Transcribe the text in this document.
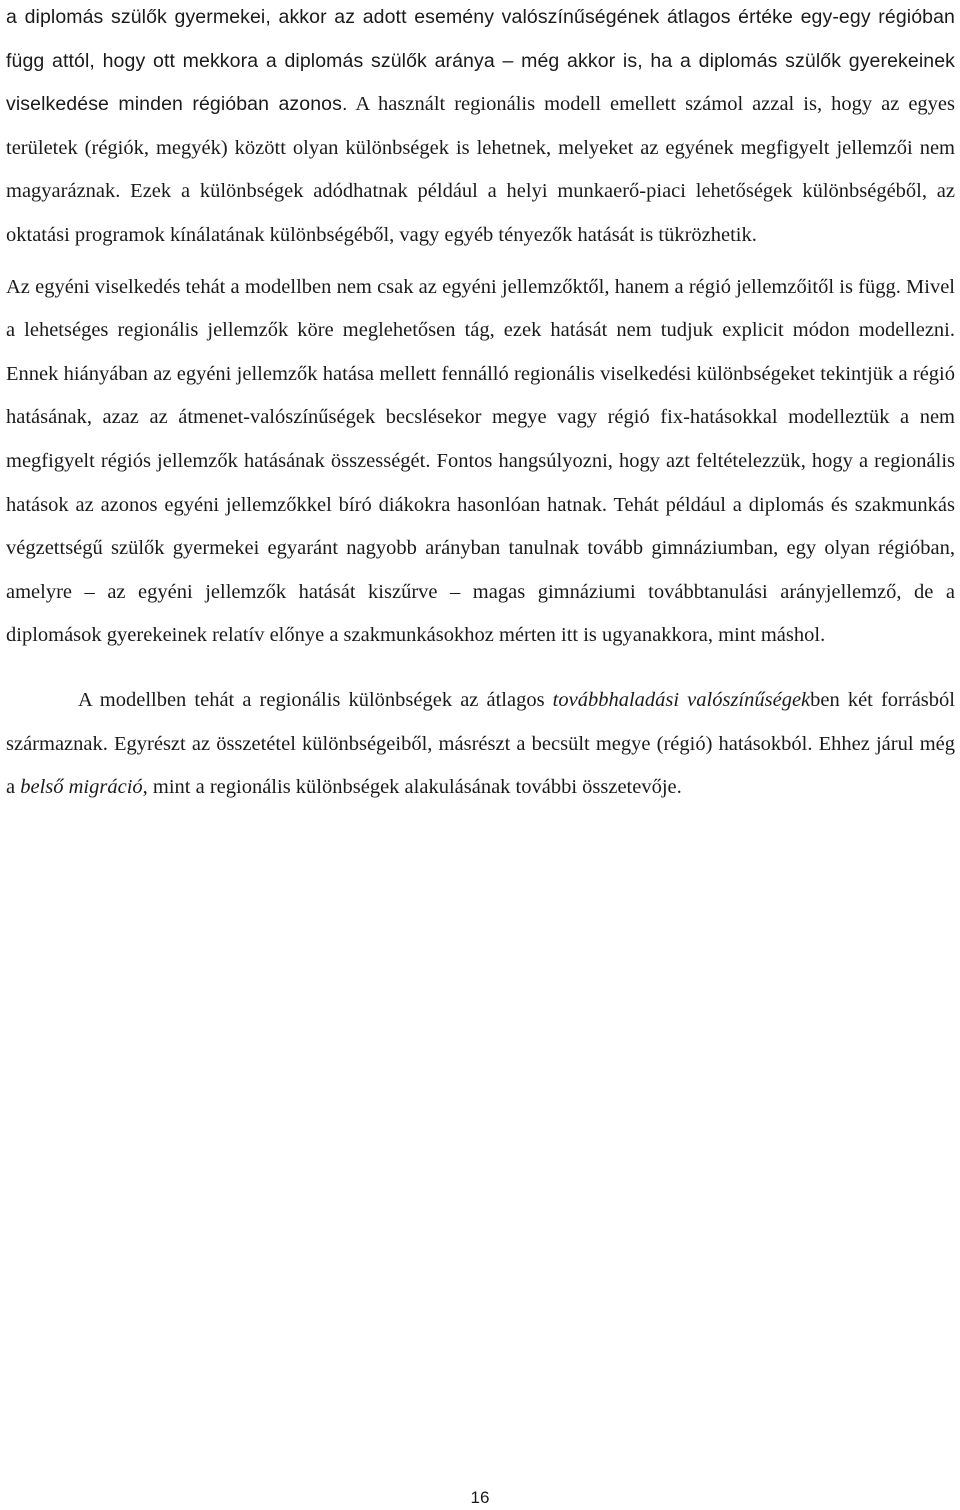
a diplomás szülők gyermekei, akkor az adott esemény valószínűségének átlagos értéke egy-egy régióban függ attól, hogy ott mekkora a diplomás szülők aránya – még akkor is, ha a diplomás szülők gyerekeinek viselkedése minden régióban azonos. A használt regionális modell emellett számol azzal is, hogy az egyes területek (régiók, megyék) között olyan különbségek is lehetnek, melyeket az egyének megfigyelt jellemzői nem magyaráznak. Ezek a különbségek adódhatnak például a helyi munkaerő-piaci lehetőségek különbségéből, az oktatási programok kínálatának különbségéből, vagy egyéb tényezők hatását is tükrözhetik.

Az egyéni viselkedés tehát a modellben nem csak az egyéni jellemzőktől, hanem a régió jellemzőitől is függ. Mivel a lehetséges regionális jellemzők köre meglehetősen tág, ezek hatását nem tudjuk explicit módon modellezni. Ennek hiányában az egyéni jellemzők hatása mellett fennálló regionális viselkedési különbségeket tekintjük a régió hatásának, azaz az átmenet-valószínűségek becslésekor megye vagy régió fix-hatásokkal modelleztük a nem megfigyelt régiós jellemzők hatásának összességét. Fontos hangsúlyozni, hogy azt feltételezzük, hogy a regionális hatások az azonos egyéni jellemzőkkel bíró diákokra hasonlóan hatnak. Tehát például a diplomás és szakmunkás végzettségű szülők gyermekei egyaránt nagyobb arányban tanulnak tovább gimnáziumban, egy olyan régióban, amelyre – az egyéni jellemzők hatását kiszűrve – magas gimnáziumi továbbtanulási arányjellemző, de a diplomások gyerekeinek relatív előnye a szakmunkásokhoz mérten itt is ugyanakkora, mint máshol.

A modellben tehát a regionális különbségek az átlagos továbbhaladási valószínűségekben két forrásból származnak. Egyrészt az összetétel különbségeiből, másrészt a becsült megye (régió) hatásokból. Ehhez járul még a belső migráció, mint a regionális különbségek alakulásának további összetevője.

16
